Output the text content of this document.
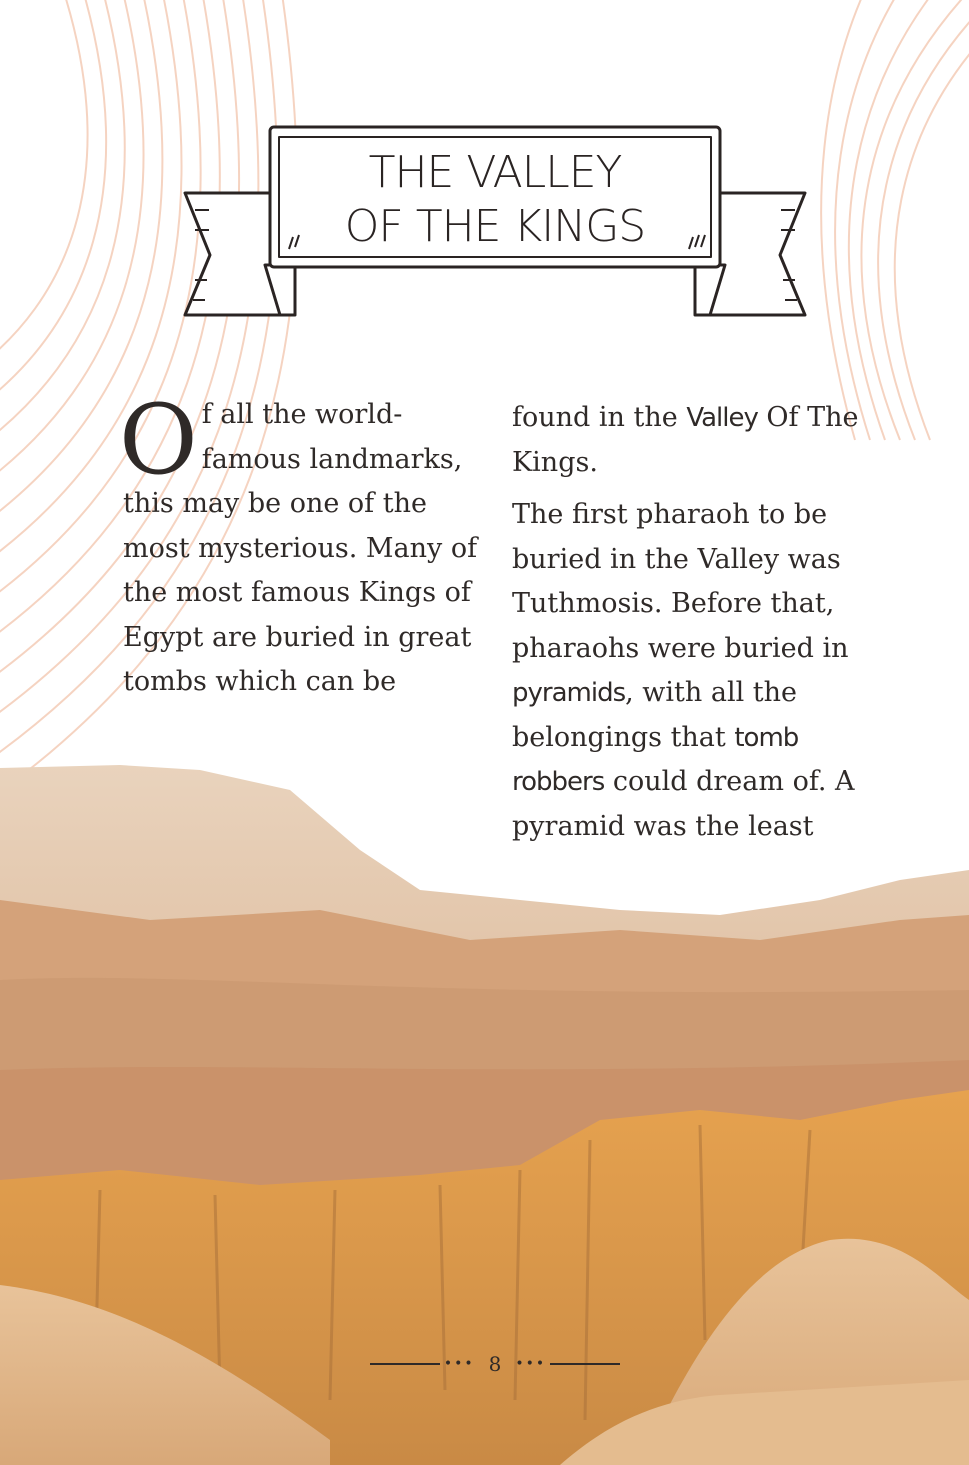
THE VALLEY
OF THE KINGS

Of all the world-famous landmarks, this may be one of the most mysterious. Many of the most famous Kings of Egypt are buried in great tombs which can be

found in the Valley Of The Kings.

The first pharaoh to be buried in the Valley was Tuthmosis. Before that, pharaohs were buried in pyramids, with all the belongings that tomb robbers could dream of. A pyramid was the least

••• 8 •••
